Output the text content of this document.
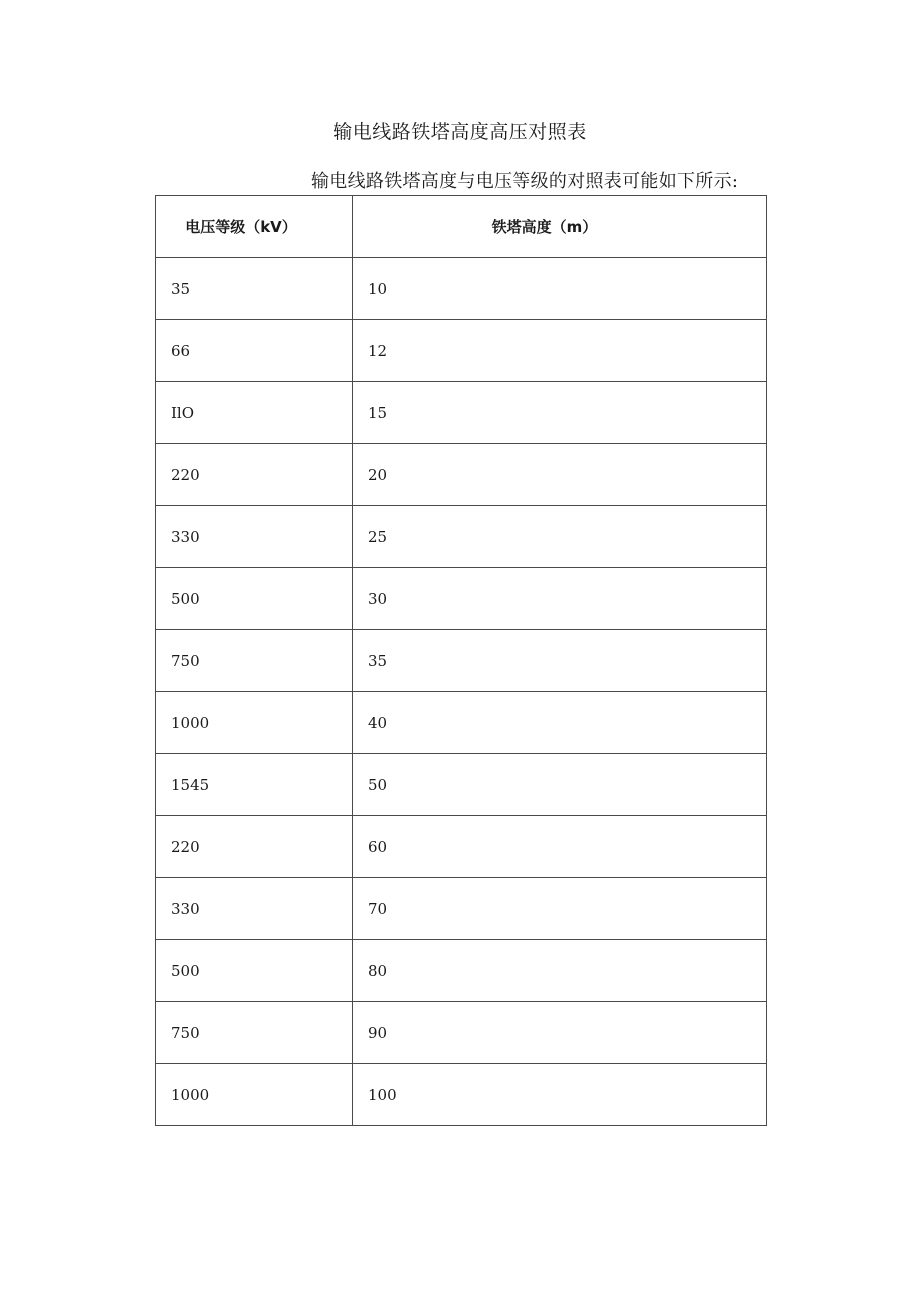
输电线路铁塔高度高压对照表

输电线路铁塔高度与电压等级的对照表可能如下所示:

电压等级（kV）	铁塔高度（m）
35	10
66	12
IlO	15
220	20
330	25
500	30
750	35
1000	40
1545	50
220	60
330	70
500	80
750	90
1000	100
